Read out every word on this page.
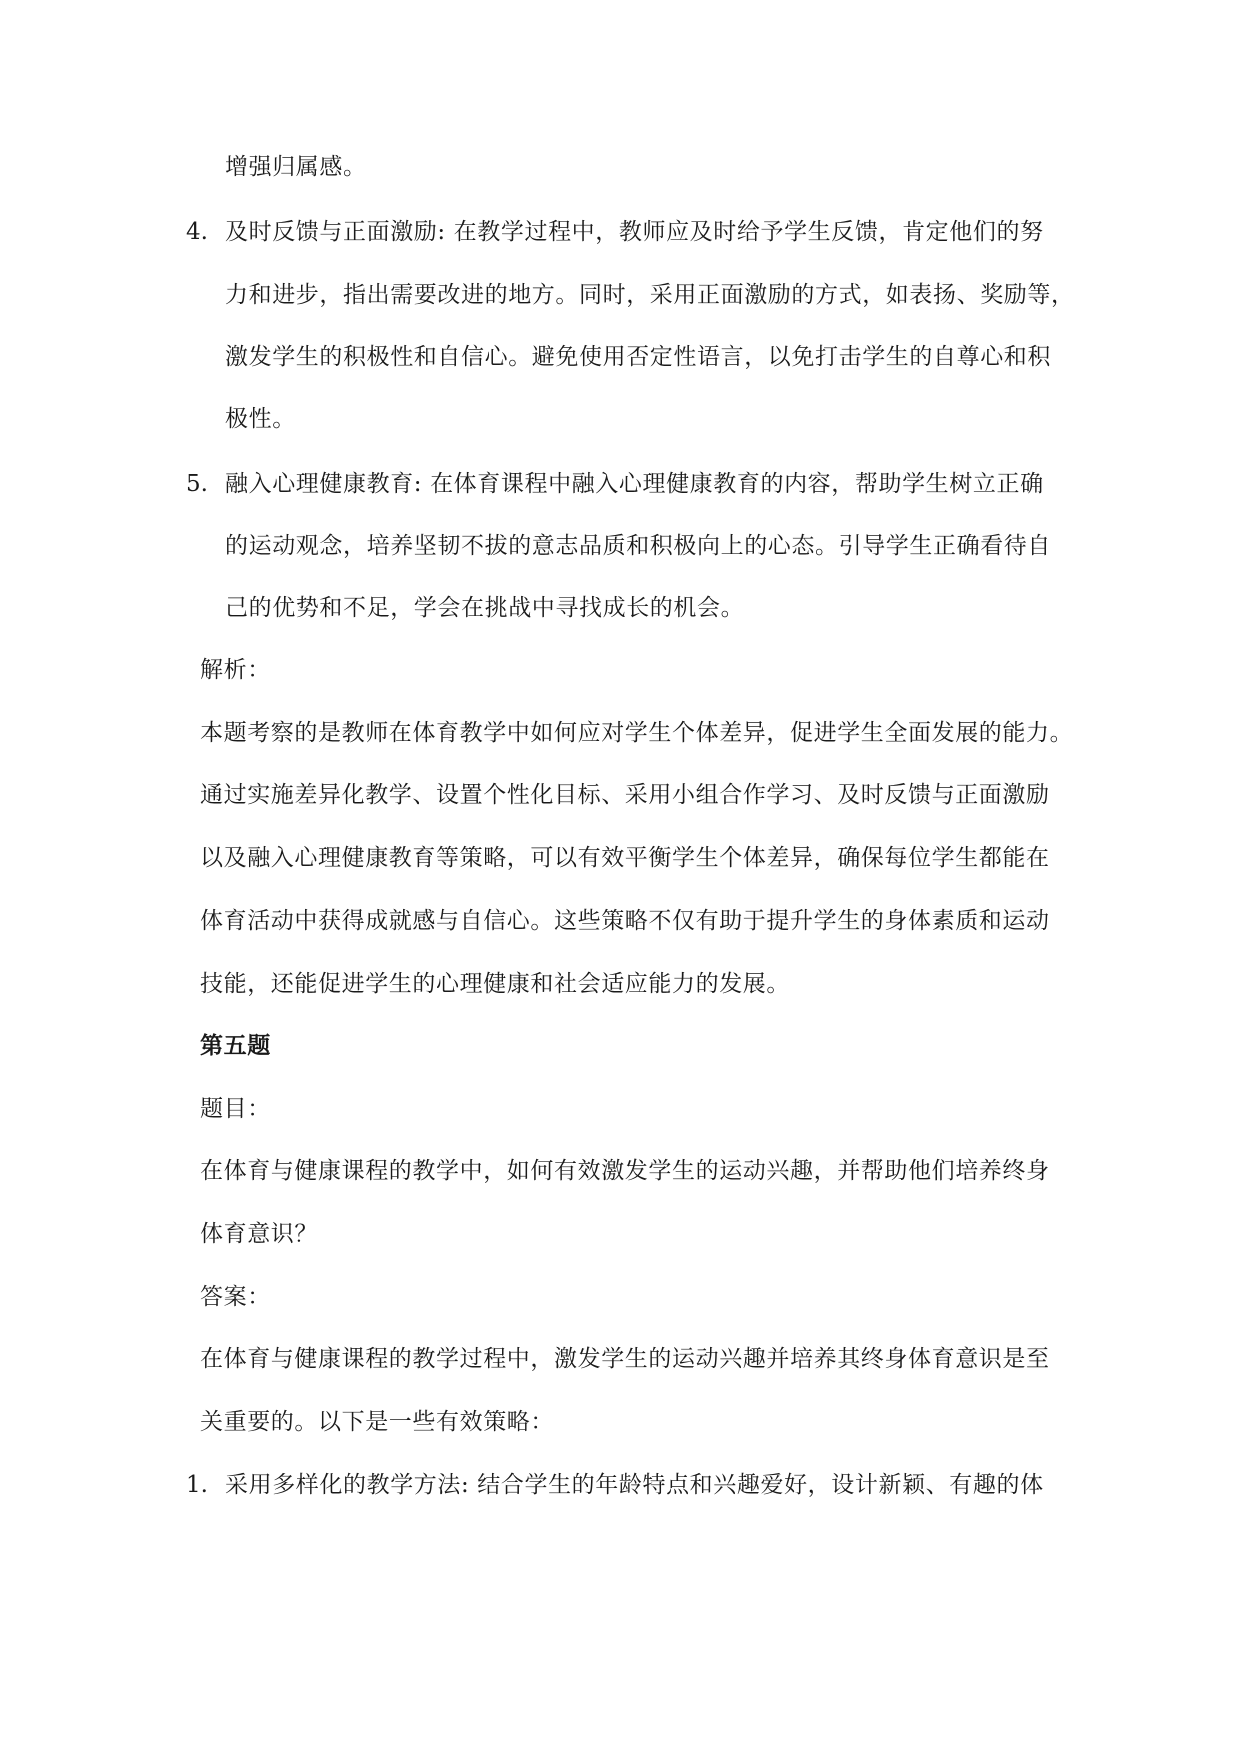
增强归属感。
4. 及时反馈与正面激励: 在教学过程中，教师应及时给予学生反馈，肯定他们的努
力和进步，指出需要改进的地方。同时，采用正面激励的方式，如表扬、奖励等，
激发学生的积极性和自信心。避免使用否定性语言，以免打击学生的自尊心和积
极性。
5. 融入心理健康教育: 在体育课程中融入心理健康教育的内容，帮助学生树立正确
的运动观念，培养坚韧不拔的意志品质和积极向上的心态。引导学生正确看待自
己的优势和不足，学会在挑战中寻找成长的机会。
解析：
本题考察的是教师在体育教学中如何应对学生个体差异，促进学生全面发展的能力。
通过实施差异化教学、设置个性化目标、采用小组合作学习、及时反馈与正面激励
以及融入心理健康教育等策略，可以有效平衡学生个体差异，确保每位学生都能在
体育活动中获得成就感与自信心。这些策略不仅有助于提升学生的身体素质和运动
技能，还能促进学生的心理健康和社会适应能力的发展。
第五题
题目：
在体育与健康课程的教学中，如何有效激发学生的运动兴趣，并帮助他们培养终身
体育意识？
答案：
在体育与健康课程的教学过程中，激发学生的运动兴趣并培养其终身体育意识是至
关重要的。以下是一些有效策略：
1. 采用多样化的教学方法: 结合学生的年龄特点和兴趣爱好，设计新颖、有趣的体
